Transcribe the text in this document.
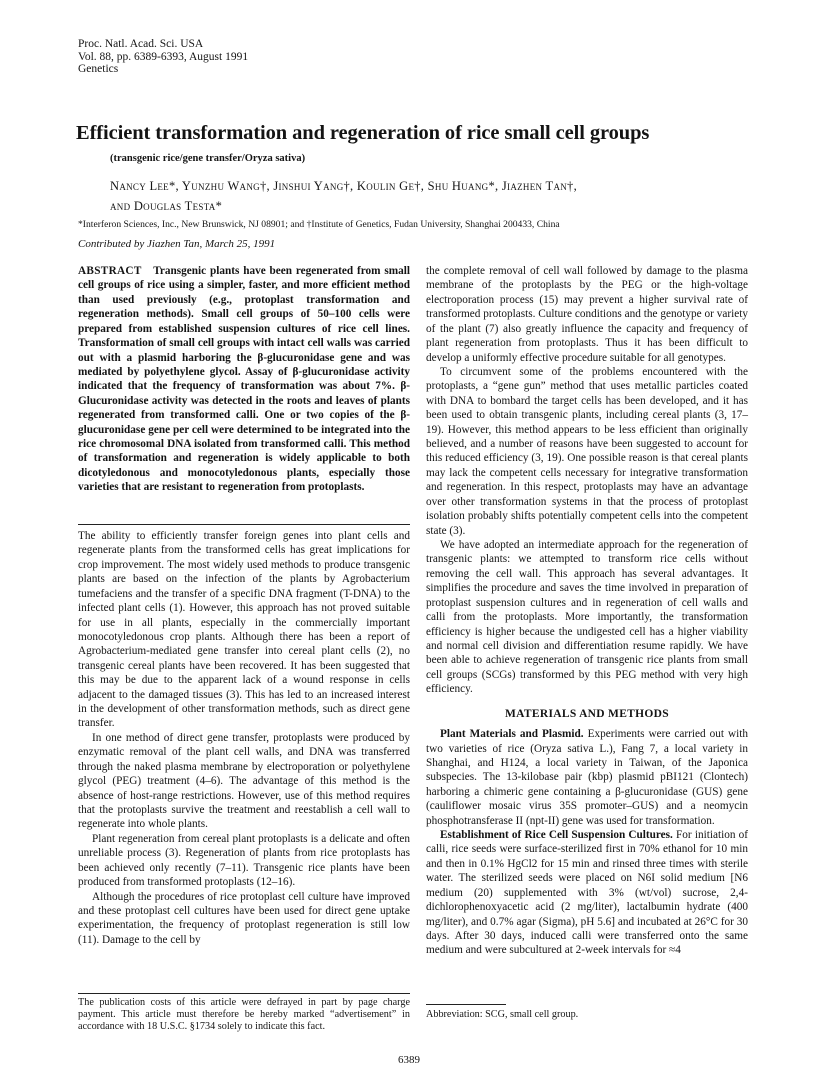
Proc. Natl. Acad. Sci. USA
Vol. 88, pp. 6389-6393, August 1991
Genetics
Efficient transformation and regeneration of rice small cell groups
(transgenic rice/gene transfer/Oryza sativa)
Nancy Lee*, Yunzhu Wang†, Jinshui Yang†, Koulin Ge†, Shu Huang*, Jiazhen Tan†,
and Douglas Testa*
*Interferon Sciences, Inc., New Brunswick, NJ 08901; and †Institute of Genetics, Fudan University, Shanghai 200433, China
Contributed by Jiazhen Tan, March 25, 1991

ABSTRACT Transgenic plants have been regenerated from small cell groups of rice using a simpler, faster, and more efficient method than used previously (e.g., protoplast transformation and regeneration methods). Small cell groups of 50–100 cells were prepared from established suspension cultures of rice cell lines. Transformation of small cell groups with intact cell walls was carried out with a plasmid harboring the β-glucuronidase gene and was mediated by polyethylene glycol. Assay of β-glucuronidase activity indicated that the frequency of transformation was about 7%. β-Glucuronidase activity was detected in the roots and leaves of plants regenerated from transformed calli. One or two copies of the β-glucuronidase gene per cell were determined to be integrated into the rice chromosomal DNA isolated from transformed calli. This method of transformation and regeneration is widely applicable to both dicotyledonous and monocotyledonous plants, especially those varieties that are resistant to regeneration from protoplasts.

The ability to efficiently transfer foreign genes into plant cells and regenerate plants from the transformed cells has great implications for crop improvement. The most widely used methods to produce transgenic plants are based on the infection of the plants by Agrobacterium tumefaciens and the transfer of a specific DNA fragment (T-DNA) to the infected plant cells (1). However, this approach has not proved suitable for use in all plants, especially in the commercially important monocotyledonous crop plants. Although there has been a report of Agrobacterium-mediated gene transfer into cereal plant cells (2), no transgenic cereal plants have been recovered. It has been suggested that this may be due to the apparent lack of a wound response in cells adjacent to the damaged tissues (3). This has led to an increased interest in the development of other transformation methods, such as direct gene transfer.

In one method of direct gene transfer, protoplasts were produced by enzymatic removal of the plant cell walls, and DNA was transferred through the naked plasma membrane by electroporation or polyethylene glycol (PEG) treatment (4–6). The advantage of this method is the absence of host-range restrictions. However, use of this method requires that the protoplasts survive the treatment and reestablish a cell wall to regenerate into whole plants.

Plant regeneration from cereal plant protoplasts is a delicate and often unreliable process (3). Regeneration of plants from rice protoplasts has been achieved only recently (7–11). Transgenic rice plants have been produced from transformed protoplasts (12–16).

Although the procedures of rice protoplast cell culture have improved and these protoplast cell cultures have been used for direct gene uptake experimentation, the frequency of protoplast regeneration is still low (11). Damage to the cell by

the complete removal of cell wall followed by damage to the plasma membrane of the protoplasts by the PEG or the high-voltage electroporation process (15) may prevent a higher survival rate of transformed protoplasts. Culture conditions and the genotype or variety of the plant (7) also greatly influence the capacity and frequency of plant regeneration from protoplasts. Thus it has been difficult to develop a uniformly effective procedure suitable for all genotypes.

To circumvent some of the problems encountered with the protoplasts, a “gene gun” method that uses metallic particles coated with DNA to bombard the target cells has been developed, and it has been used to obtain transgenic plants, including cereal plants (3, 17–19). However, this method appears to be less efficient than originally believed, and a number of reasons have been suggested to account for this reduced efficiency (3, 19). One possible reason is that cereal plants may lack the competent cells necessary for integrative transformation and regeneration. In this respect, protoplasts may have an advantage over other transformation systems in that the process of protoplast isolation probably shifts potentially competent cells into the competent state (3).

We have adopted an intermediate approach for the regeneration of transgenic plants: we attempted to transform rice cells without removing the cell wall. This approach has several advantages. It simplifies the procedure and saves the time involved in preparation of protoplast suspension cultures and in regeneration of cell walls and calli from the protoplasts. More importantly, the transformation efficiency is higher because the undigested cell has a higher viability and normal cell division and differentiation resume rapidly. We have been able to achieve regeneration of transgenic rice plants from small cell groups (SCGs) transformed by this PEG method with very high efficiency.

MATERIALS AND METHODS

Plant Materials and Plasmid. Experiments were carried out with two varieties of rice (Oryza sativa L.), Fang 7, a local variety in Shanghai, and H124, a local variety in Taiwan, of the Japonica subspecies. The 13-kilobase pair (kbp) plasmid pBI121 (Clontech) harboring a chimeric gene containing a β-glucuronidase (GUS) gene (cauliflower mosaic virus 35S promoter–GUS) and a neomycin phosphotransferase II (npt-II) gene was used for transformation.

Establishment of Rice Cell Suspension Cultures. For initiation of calli, rice seeds were surface-sterilized first in 70% ethanol for 10 min and then in 0.1% HgCl2 for 15 min and rinsed three times with sterile water. The sterilized seeds were placed on N6I solid medium [N6 medium (20) supplemented with 3% (wt/vol) sucrose, 2,4-dichlorophenoxyacetic acid (2 mg/liter), lactalbumin hydrate (400 mg/liter), and 0.7% agar (Sigma), pH 5.6] and incubated at 26°C for 30 days. After 30 days, induced calli were transferred onto the same medium and were subcultured at 2-week intervals for ≈4

The publication costs of this article were defrayed in part by page charge payment. This article must therefore be hereby marked “advertisement” in accordance with 18 U.S.C. §1734 solely to indicate this fact.
Abbreviation: SCG, small cell group.
6389
